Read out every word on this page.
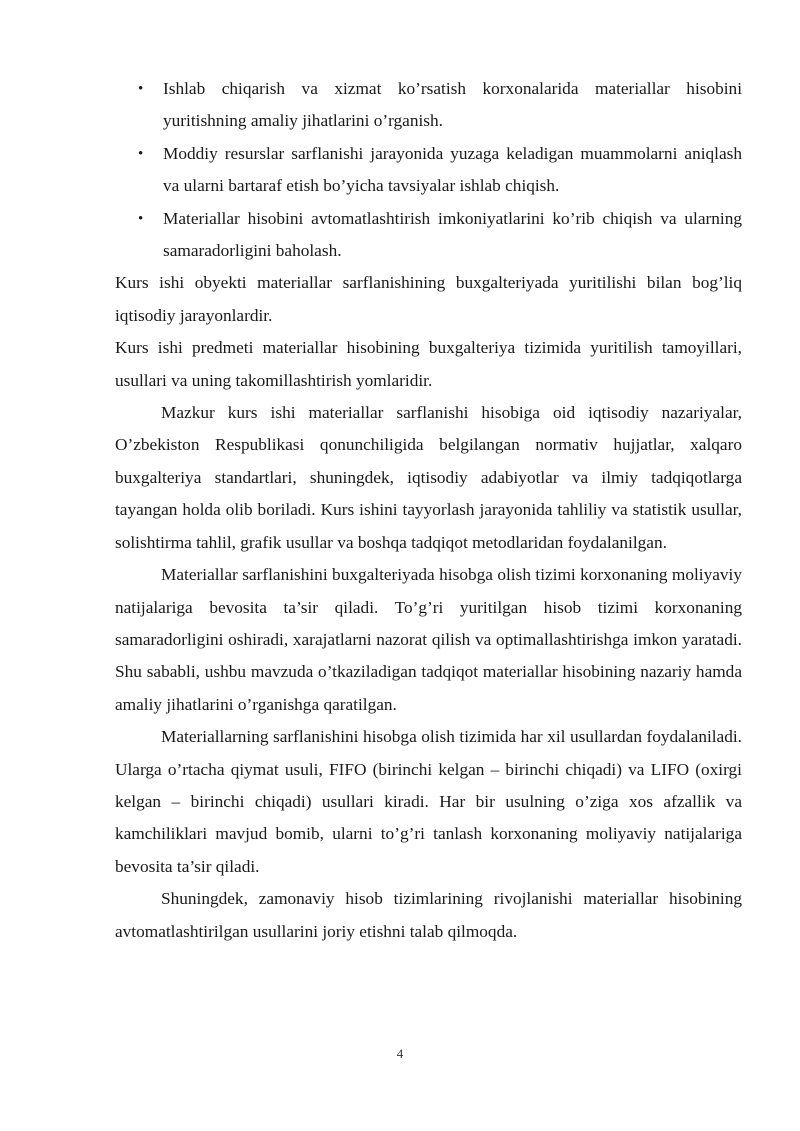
• Ishlab chiqarish va xizmat ko’rsatish korxonalarida materiallar hisobini yuritishning amaliy jihatlarini o’rganish.
• Moddiy resurslar sarflanishi jarayonida yuzaga keladigan muammolarni aniqlash va ularni bartaraf etish bo’yicha tavsiyalar ishlab chiqish.
• Materiallar hisobini avtomatlashtirish imkoniyatlarini ko’rib chiqish va ularning samaradorligini baholash.

Kurs ishi obyekti materiallar sarflanishining buxgalteriyada yuritilishi bilan bog’liq iqtisodiy jarayonlardir.

Kurs ishi predmeti materiallar hisobining buxgalteriya tizimida yuritilish tamoyillari, usullari va uning takomillashtirish yomlaridir.

Mazkur kurs ishi materiallar sarflanishi hisobiga oid iqtisodiy nazariyalar, O’zbekiston Respublikasi qonunchiligida belgilangan normativ hujjatlar, xalqaro buxgalteriya standartlari, shuningdek, iqtisodiy adabiyotlar va ilmiy tadqiqotlarga tayangan holda olib boriladi. Kurs ishini tayyorlash jarayonida tahliliy va statistik usullar, solishtirma tahlil, grafik usullar va boshqa tadqiqot metodlaridan foydalanilgan.

Materiallar sarflanishini buxgalteriyada hisobga olish tizimi korxonaning moliyaviy natijalariga bevosita ta’sir qiladi. To’g’ri yuritilgan hisob tizimi korxonaning samaradorligini oshiradi, xarajatlarni nazorat qilish va optimallashtirishga imkon yaratadi. Shu sababli, ushbu mavzuda o’tkaziladigan tadqiqot materiallar hisobining nazariy hamda amaliy jihatlarini o’rganishga qaratilgan.

Materiallarning sarflanishini hisobga olish tizimida har xil usullardan foydalaniladi. Ularga o’rtacha qiymat usuli, FIFO (birinchi kelgan – birinchi chiqadi) va LIFO (oxirgi kelgan – birinchi chiqadi) usullari kiradi. Har bir usulning o’ziga xos afzallik va kamchiliklari mavjud bomib, ularni to’g’ri tanlash korxonaning moliyaviy natijalariga bevosita ta’sir qiladi.

Shuningdek, zamonaviy hisob tizimlarining rivojlanishi materiallar hisobining avtomatlashtirilgan usullarini joriy etishni talab qilmoqda.

4
